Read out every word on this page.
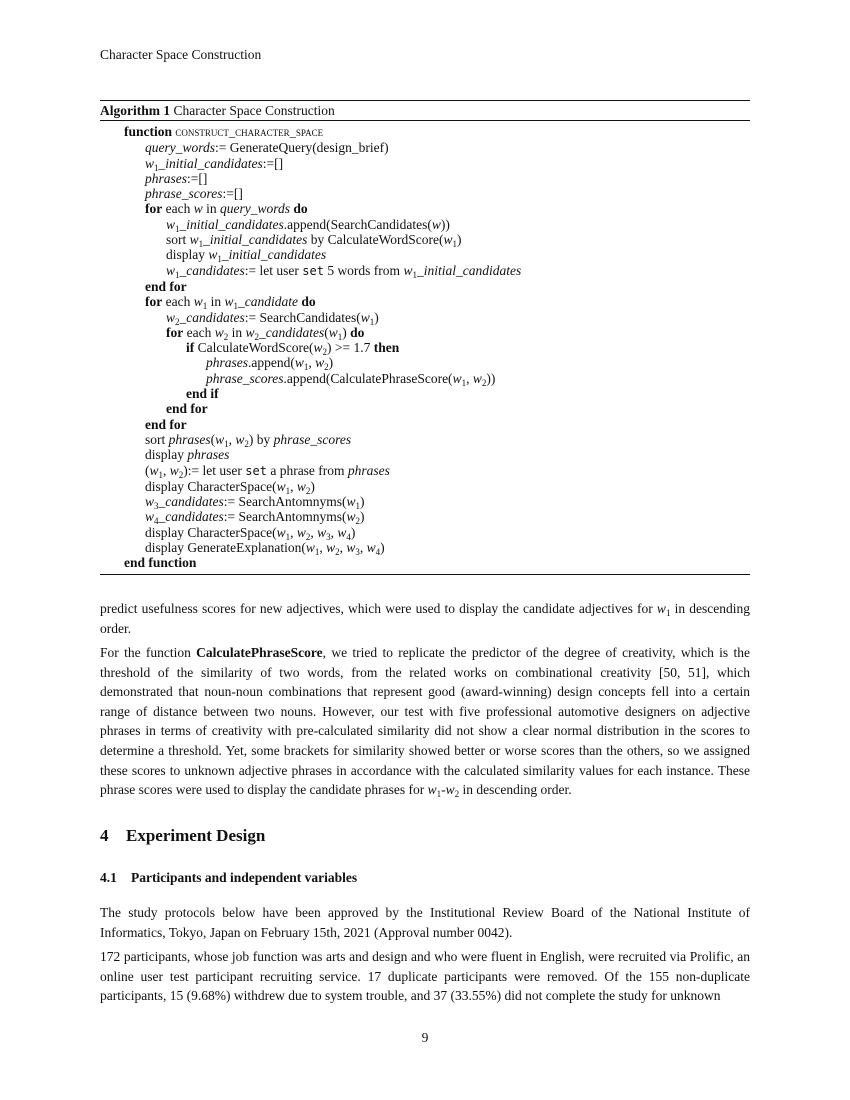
Character Space Construction
Algorithm 1 Character Space Construction
function construct_character_space
query_words:= GenerateQuery(design_brief)
$w_1\_initial\_candidates:=[]$
phrases:=[]
phrase_scores:=[]
for each w in query_words do
$w_1\_initial\_candidates.append(SearchCandidates(w))$
sort $w_1\_initial\_candidates$ by $CalculateWordScore(w_1)$
display $w_1\_initial\_candidates$
$w_1\_candidates:=$ let user set 5 words from $w_1\_initial\_candidates$
end for
for each $w_1$ in $w_1\_candidate$ do
$w_2\_candidates:=$ $SearchCandidates(w_1)$
for each $w_2$ in $w_2\_candidates(w_1)$ do
if $CalculateWordScore(w_2) >= 1.7$ then
$phrases.append(w_1$, $w_2$)
$phrase\_scores.append(CalculatePhraseScore(w_1$, $w_2$))
end if
end for
end for
sort $phrases(w_1$, $w_2$) by phrase_scores
display phrases
($w_1$, $w_2):=$ let user set a phrase from phrases
display $CharacterSpace(w_1$, $w_2$)
$w_3\_candidates:=$ $SearchAntomnyms(w_1)$
$w_4\_candidates:=$ $SearchAntomnyms(w_2)$
display $CharacterSpace(w_1$, $w_2$, $w_3$, $w_4$)
display $GenerateExplanation(w_1$, $w_2$, $w_3$, $w_4$)
end function

predict usefulness scores for new adjectives, which were used to display the candidate adjectives for $w_1$ in descending order.

For the function CalculatePhraseScore, we tried to replicate the predictor of the degree of creativity, which is the threshold of the similarity of two words, from the related works on combinational creativity [50, 51], which demonstrated that noun-noun combinations that represent good (award-winning) design concepts fell into a certain range of distance between two nouns. However, our test with five professional automotive designers on adjective phrases in terms of creativity with pre-calculated similarity did not show a clear normal distribution in the scores to determine a threshold. Yet, some brackets for similarity showed better or worse scores than the others, so we assigned these scores to unknown adjective phrases in accordance with the calculated similarity values for each instance. These phrase scores were used to display the candidate phrases for $w_1-w_2$ in descending order.

4 Experiment Design
4.1 Participants and independent variables

The study protocols below have been approved by the Institutional Review Board of the National Institute of Informatics, Tokyo, Japan on February 15th, 2021 (Approval number 0042).

172 participants, whose job function was arts and design and who were fluent in English, were recruited via Prolific, an online user test participant recruiting service. 17 duplicate participants were removed. Of the 155 non-duplicate participants, 15 (9.68%) withdrew due to system trouble, and 37 (33.55%) did not complete the study for unknown

9
